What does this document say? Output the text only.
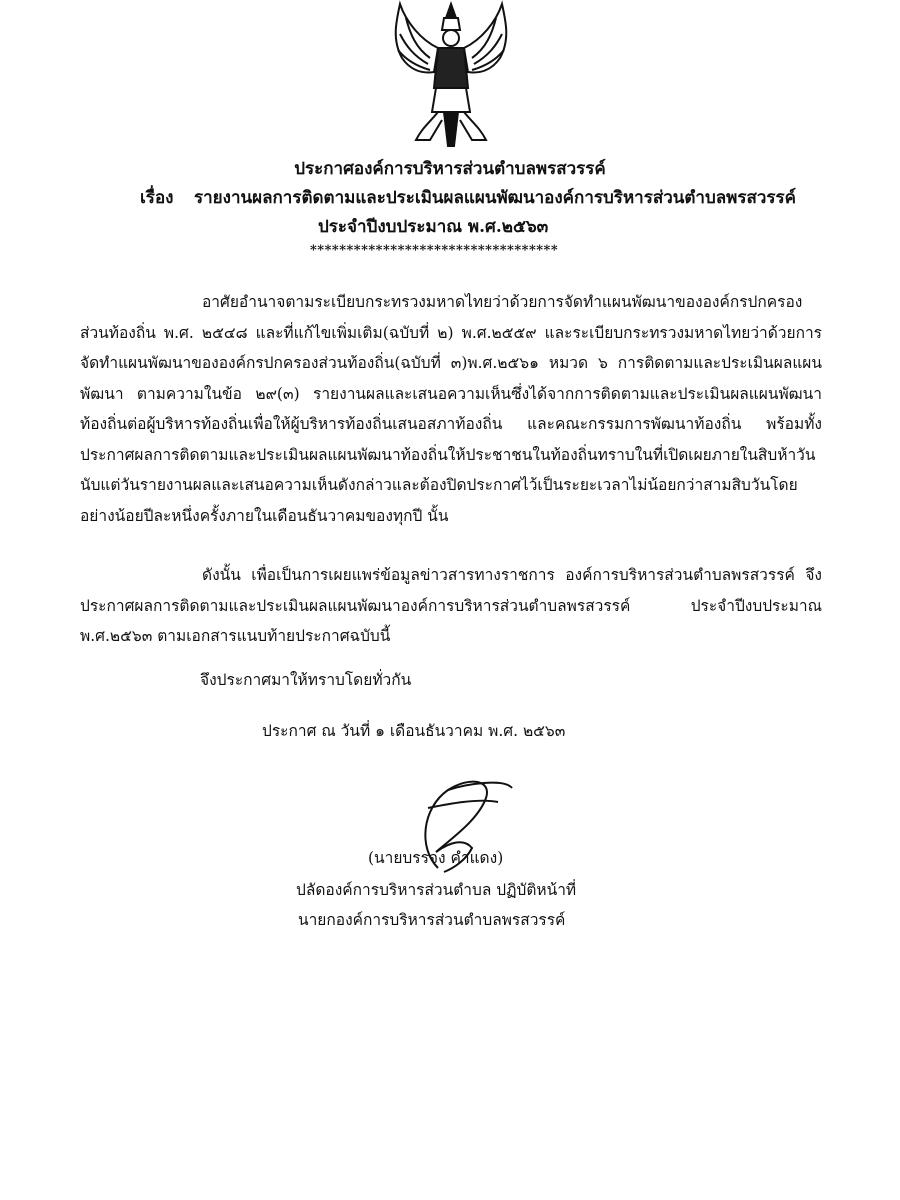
ประกาศองค์การบริหารส่วนตำบลพรสวรรค์
เรื่อง รายงานผลการติดตามและประเมินผลแผนพัฒนาองค์การบริหารส่วนตำบลพรสวรรค์
ประจำปีงบประมาณ พ.ศ.๒๕๖๓
**********************************
อาศัยอำนาจตามระเบียบกระทรวงมหาดไทยว่าด้วยการจัดทำแผนพัฒนาขององค์กรปกครองส่วนท้องถิ่น พ.ศ. ๒๕๔๘ และที่แก้ไขเพิ่มเติม(ฉบับที่ ๒) พ.ศ.๒๕๕๙ และระเบียบกระทรวงมหาดไทยว่าด้วยการจัดทำแผนพัฒนาขององค์กรปกครองส่วนท้องถิ่น(ฉบับที่ ๓)พ.ศ.๒๕๖๑ หมวด ๖ การติดตามและประเมินผลแผนพัฒนา ตามความในข้อ ๒๙(๓) รายงานผลและเสนอความเห็นซึ่งได้จากการติดตามและประเมินผลแผนพัฒนาท้องถิ่นต่อผู้บริหารท้องถิ่นเพื่อให้ผู้บริหารท้องถิ่นเสนอสภาท้องถิ่น และคณะกรรมการพัฒนาท้องถิ่น พร้อมทั้งประกาศผลการติดตามและประเมินผลแผนพัฒนาท้องถิ่นให้ประชาชนในท้องถิ่นทราบในที่เปิดเผยภายในสิบห้าวันนับแต่วันรายงานผลและเสนอความเห็นดังกล่าวและต้องปิดประกาศไว้เป็นระยะเวลาไม่น้อยกว่าสามสิบวันโดยอย่างน้อยปีละหนึ่งครั้งภายในเดือนธันวาคมของทุกปี นั้น
ดังนั้น เพื่อเป็นการเผยแพร่ข้อมูลข่าวสารทางราชการ องค์การบริหารส่วนตำบลพรสวรรค์ จึงประกาศผลการติดตามและประเมินผลแผนพัฒนาองค์การบริหารส่วนตำบลพรสวรรค์ ประจำปีงบประมาณ พ.ศ.๒๕๖๓ ตามเอกสารแนบท้ายประกาศฉบับนี้
จึงประกาศมาให้ทราบโดยทั่วกัน
ประกาศ ณ วันที่ ๑ เดือนธันวาคม พ.ศ. ๒๕๖๓
(นายบรรจง คำแดง)
ปลัดองค์การบริหารส่วนตำบล ปฏิบัติหน้าที่
นายกองค์การบริหารส่วนตำบลพรสวรรค์
